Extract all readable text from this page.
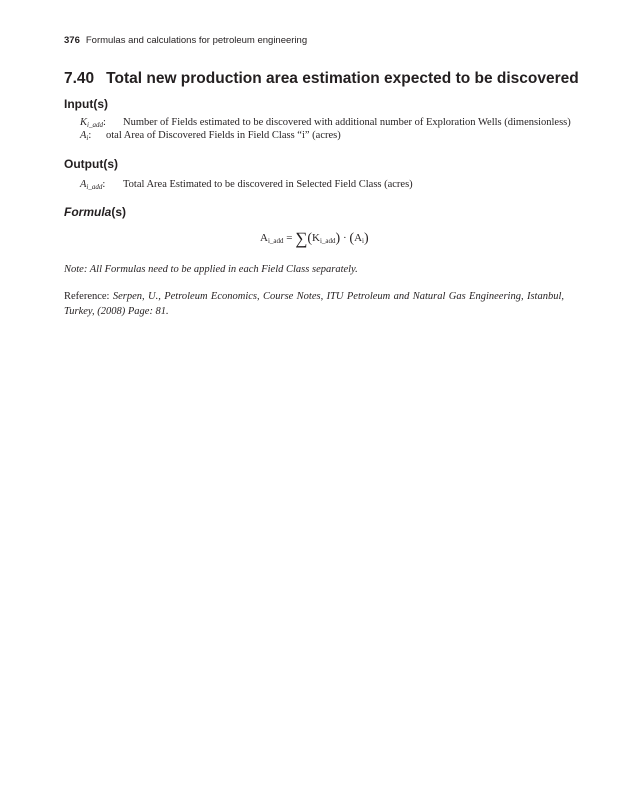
376 Formulas and calculations for petroleum engineering
7.40 Total new production area estimation expected to be discovered
Input(s)
$K_{i\_add}$: Number of Fields estimated to be discovered with additional number of Exploration Wells (dimensionless)
$A_i$: otal Area of Discovered Fields in Field Class “i” (acres)
Output(s)
$A_{i\_add}$: Total Area Estimated to be discovered in Selected Field Class (acres)
Formula(s)
$A_{i\_add} = \sum(K_{i\_add}) \cdot (A_i)$
Note: All Formulas need to be applied in each Field Class separately.
Reference: Serpen, U., Petroleum Economics, Course Notes, ITU Petroleum and Natural Gas Engineering, Istanbul, Turkey, (2008) Page: 81.
